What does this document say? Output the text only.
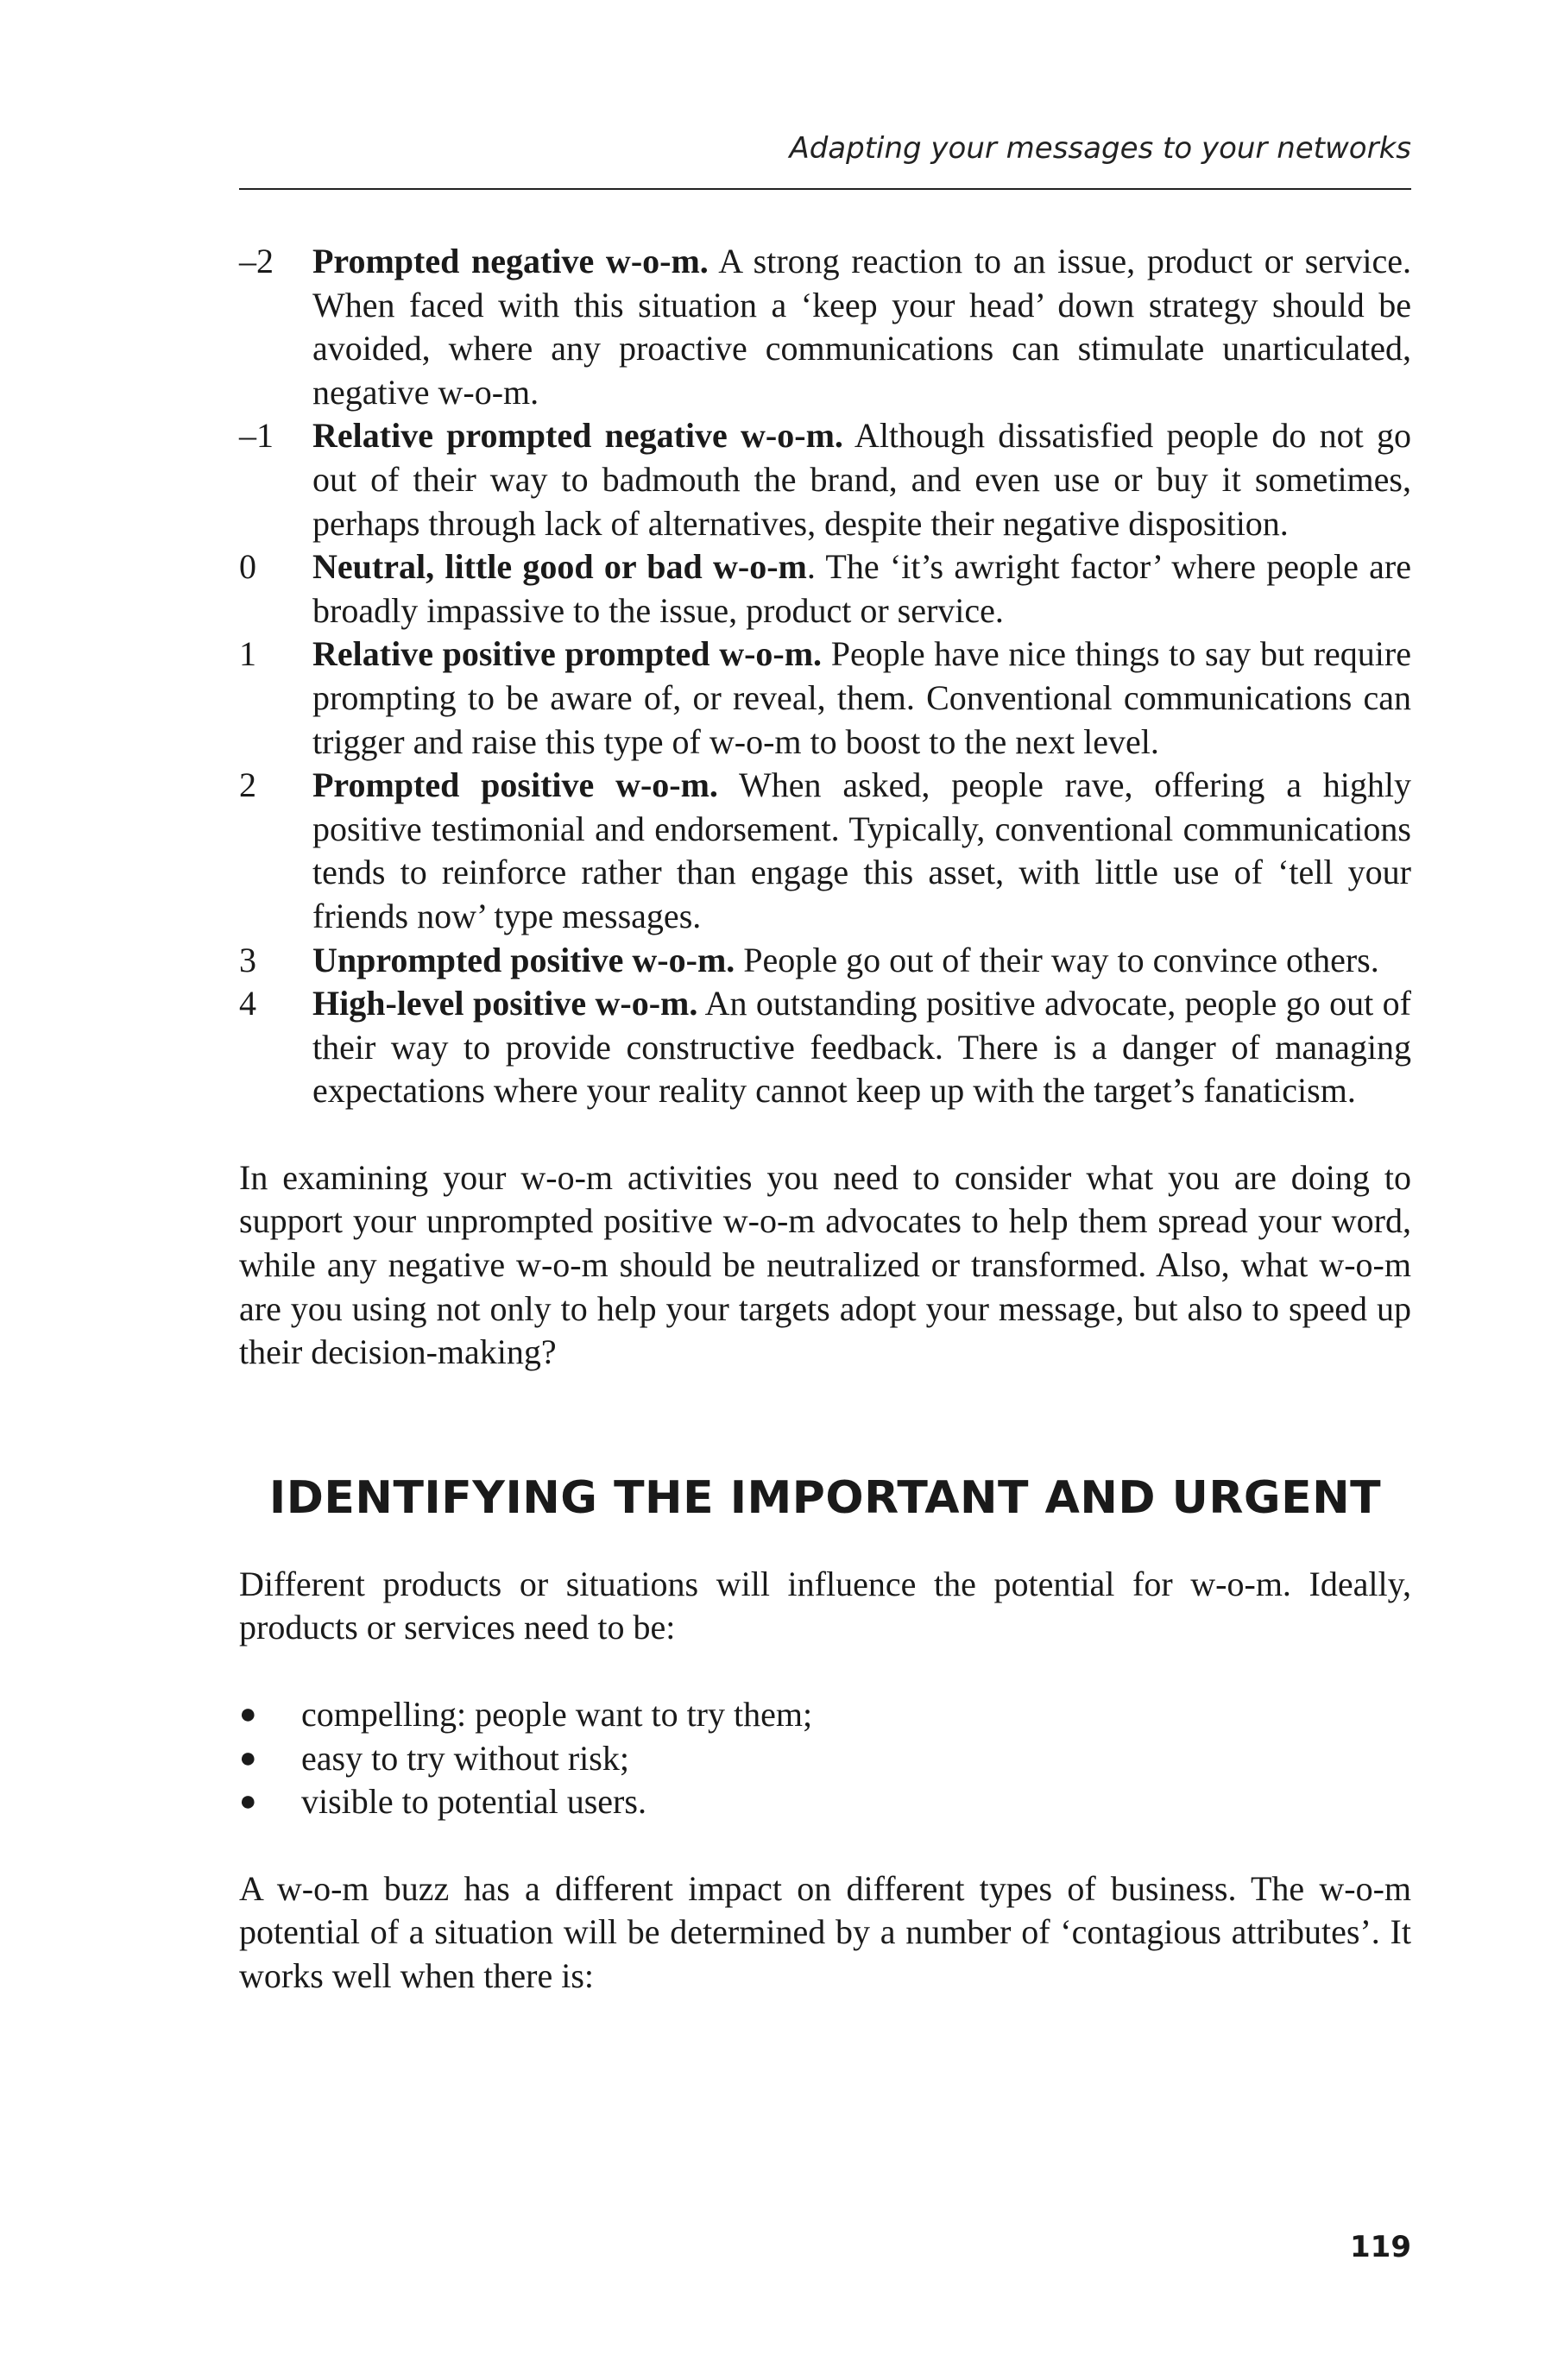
Adapting your messages to your networks
–2	Prompted negative w-o-m. A strong reaction to an issue, product or service. When faced with this situation a ‘keep your head’ down strategy should be avoided, where any proactive communications can stimulate unarticulated, negative w-o-m.
–1	Relative prompted negative w-o-m. Although dissatisfied people do not go out of their way to badmouth the brand, and even use or buy it sometimes, perhaps through lack of alternatives, despite their negative disposition.
0	Neutral, little good or bad w-o-m. The ‘it’s awright factor’ where people are broadly impassive to the issue, product or service.
1	Relative positive prompted w-o-m. People have nice things to say but require prompting to be aware of, or reveal, them. Conventional communications can trigger and raise this type of w-o-m to boost to the next level.
2	Prompted positive w-o-m. When asked, people rave, offering a highly positive testimonial and endorsement. Typically, conventional communications tends to reinforce rather than engage this asset, with little use of ‘tell your friends now’ type messages.
3	Unprompted positive w-o-m. People go out of their way to convince others.
4	High-level positive w-o-m. An outstanding positive advocate, people go out of their way to provide constructive feedback. There is a danger of managing expectations where your reality cannot keep up with the target’s fanaticism.

In examining your w-o-m activities you need to consider what you are doing to support your unprompted positive w-o-m advocates to help them spread your word, while any negative w-o-m should be neutralized or transformed. Also, what w-o-m are you using not only to help your targets adopt your message, but also to speed up their decision-making?

IDENTIFYING THE IMPORTANT AND URGENT

Different products or situations will influence the potential for w-o-m. Ideally, products or services need to be:

●	compelling: people want to try them;
●	easy to try without risk;
●	visible to potential users.

A w-o-m buzz has a different impact on different types of business. The w-o-m potential of a situation will be determined by a number of ‘contagious attributes’. It works well when there is:

119
